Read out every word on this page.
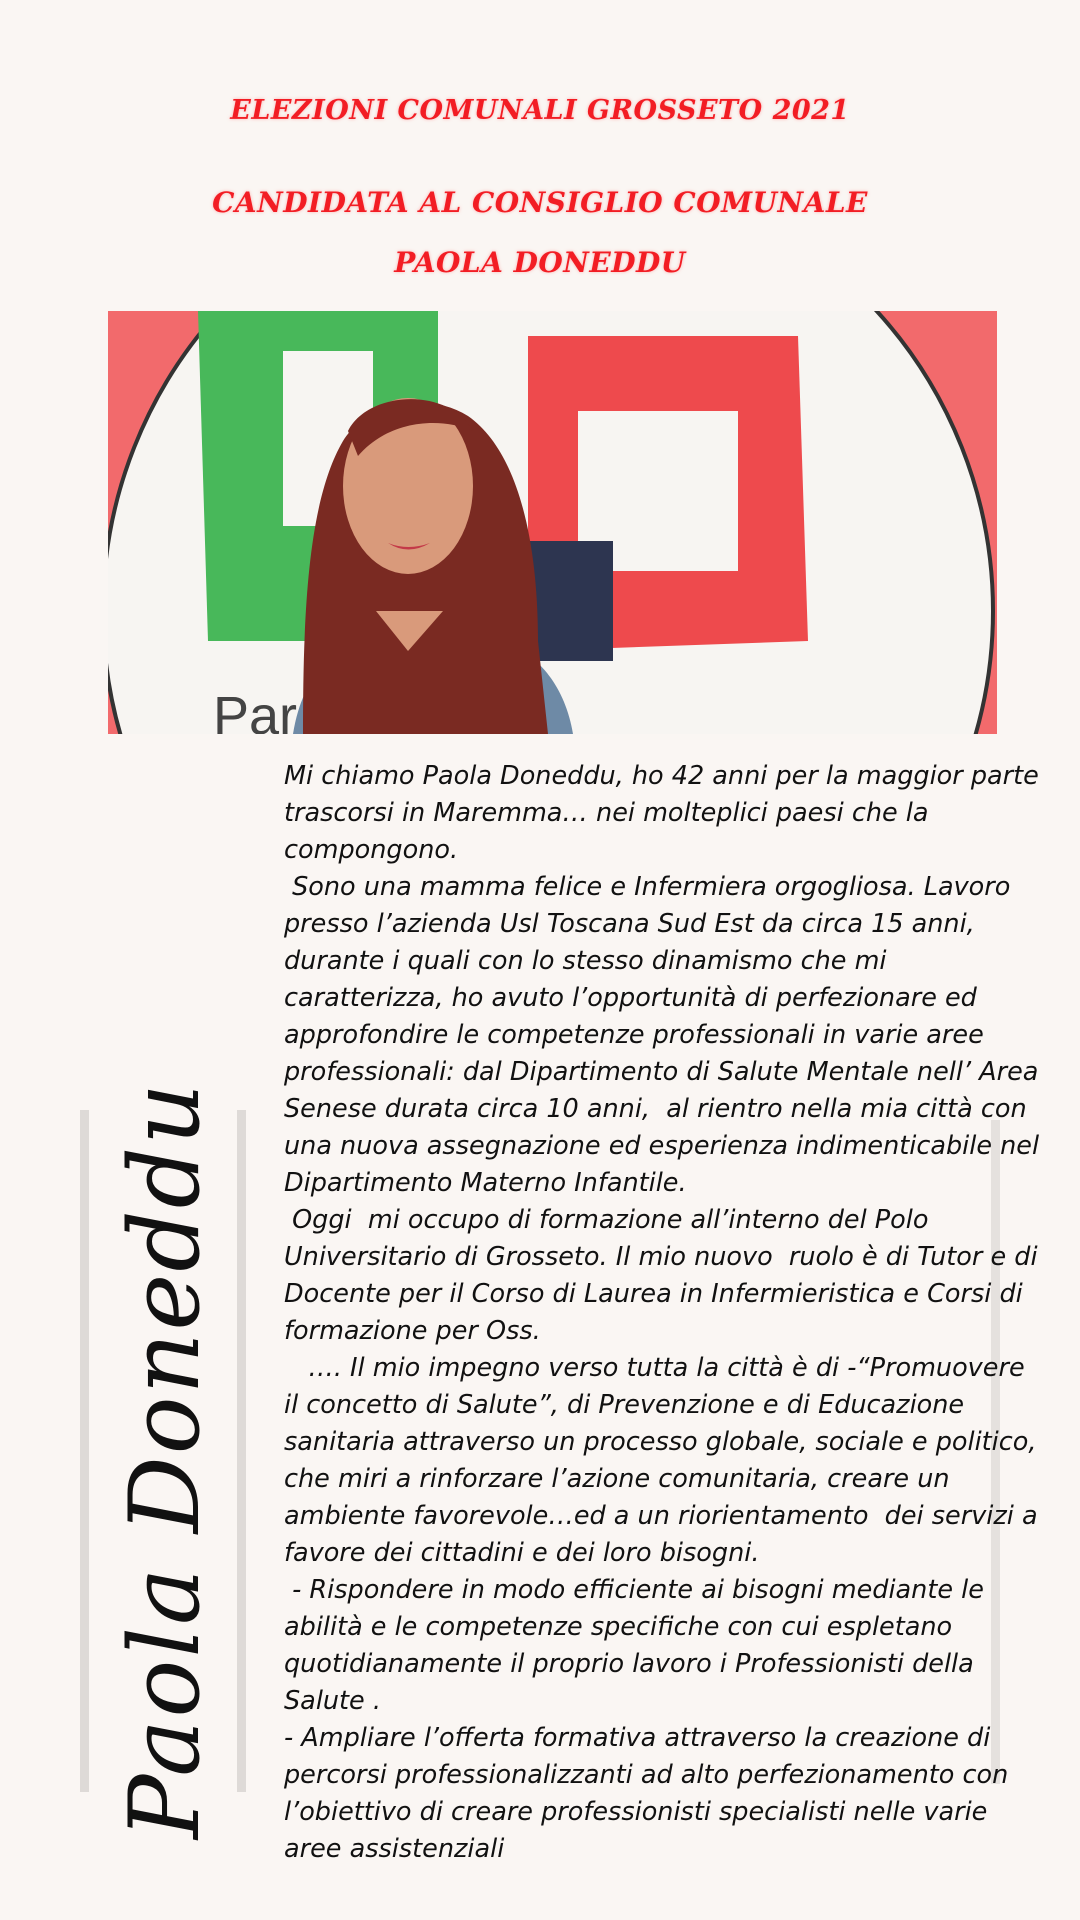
ELEZIONI COMUNALI GROSSETO 2021
CANDIDATA AL CONSIGLIO COMUNALE
PAOLA DONEDDU
Par
Paola Doneddu

Mi chiamo Paola Doneddu, ho 42 anni per la maggior parte trascorsi in Maremma… nei molteplici paesi che la compongono.

Sono una mamma felice e Infermiera orgogliosa. Lavoro presso l’azienda Usl Toscana Sud Est da circa 15 anni, durante i quali con lo stesso dinamismo che mi caratterizza, ho avuto l’opportunità di perfezionare ed approfondire le competenze professionali in varie aree professionali: dal Dipartimento di Salute Mentale nell’ Area Senese durata circa 10 anni,  al rientro nella mia città con  una nuova assegnazione ed esperienza indimenticabile nel Dipartimento Materno Infantile.

Oggi  mi occupo di formazione all’interno del Polo Universitario di Grosseto. Il mio nuovo  ruolo è di Tutor e di Docente per il Corso di Laurea in Infermieristica e Corsi di formazione per Oss.

…. Il mio impegno verso tutta la città è di -“Promuovere il concetto di Salute”, di Prevenzione e di Educazione sanitaria attraverso un processo globale, sociale e politico, che miri a rinforzare l’azione comunitaria, creare un ambiente favorevole…ed a un riorientamento  dei servizi a favore dei cittadini e dei loro bisogni.

- Rispondere in modo efficiente ai bisogni mediante le abilità e le competenze specifiche con cui espletano quotidianamente il proprio lavoro i Professionisti della Salute .

- Ampliare l’offerta formativa attraverso la creazione di percorsi professionalizzanti ad alto perfezionamento con l’obiettivo di creare professionisti specialisti nelle varie aree assistenziali
